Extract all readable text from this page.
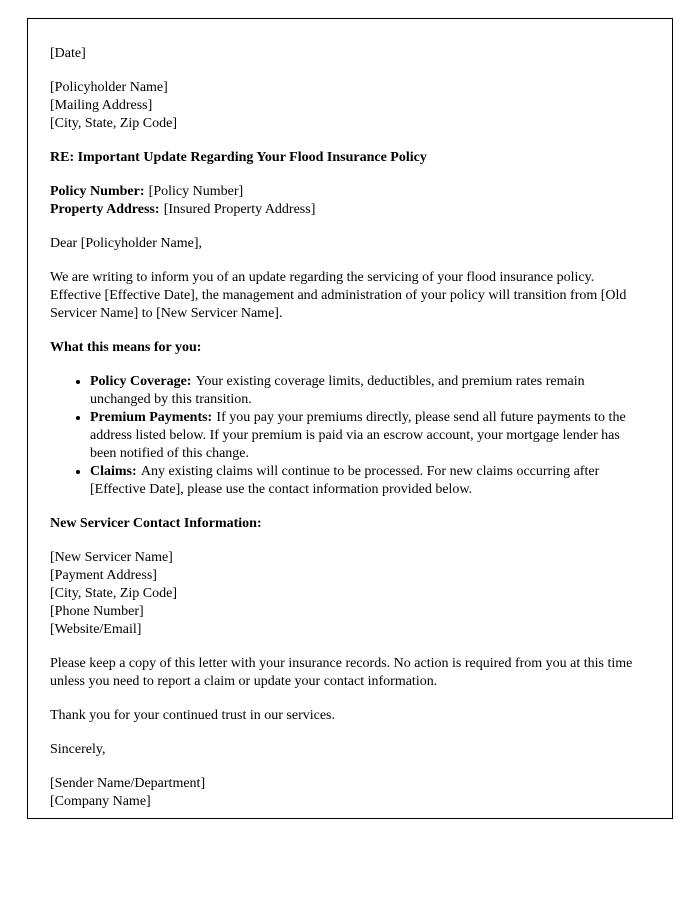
[Date]

[Policyholder Name]
[Mailing Address]
[City, State, Zip Code]

RE: Important Update Regarding Your Flood Insurance Policy

Policy Number: [Policy Number]
Property Address: [Insured Property Address]

Dear [Policyholder Name],

We are writing to inform you of an update regarding the servicing of your flood insurance policy. Effective [Effective Date], the management and administration of your policy will transition from [Old Servicer Name] to [New Servicer Name].

What this means for you:

• Policy Coverage: Your existing coverage limits, deductibles, and premium rates remain unchanged by this transition.
• Premium Payments: If you pay your premiums directly, please send all future payments to the address listed below. If your premium is paid via an escrow account, your mortgage lender has been notified of this change.
• Claims: Any existing claims will continue to be processed. For new claims occurring after [Effective Date], please use the contact information provided below.

New Servicer Contact Information:

[New Servicer Name]
[Payment Address]
[City, State, Zip Code]
[Phone Number]
[Website/Email]

Please keep a copy of this letter with your insurance records. No action is required from you at this time unless you need to report a claim or update your contact information.

Thank you for your continued trust in our services.

Sincerely,

[Sender Name/Department]
[Company Name]
